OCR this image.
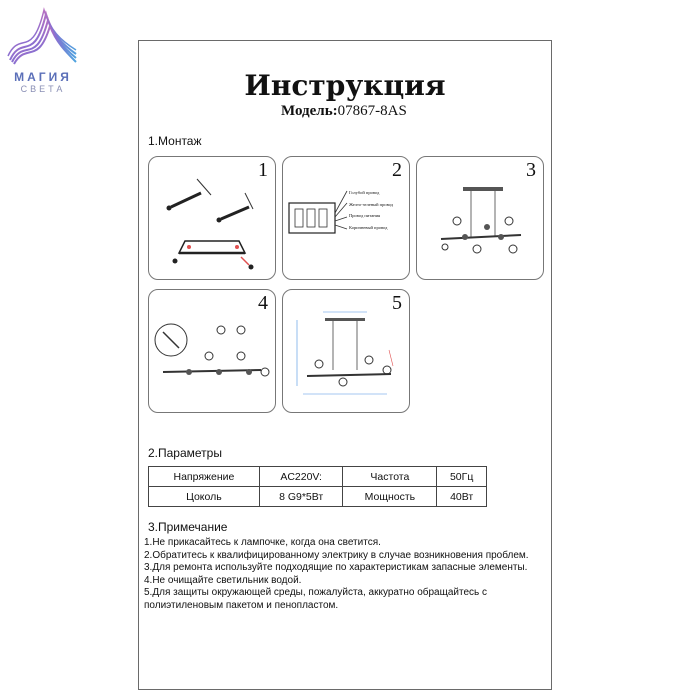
МАГИЯ
СВЕТА	Инструкция
Модель:07867-8AS
1.Монтаж
1	2
Голубой провод
Желто-зеленый провод
Провод питания
Коричневый провод
3
4	5
2.Параметры
Напряжение	AC220V:	Частота	50Гц
Цоколь	8 G9*5Вт	Мощность	40Вт
3.Примечание
1.Не прикасайтесь к лампочке, когда она светится.
2.Обратитесь к квалифицированному электрику в случае возникновения проблем.
3.Для ремонта используйте подходящие по характеристикам запасные элементы.
4.Не очищайте светильник водой.
5.Для защиты окружающей среды, пожалуйста, аккуратно обращайтесь с
полиэтиленовым пакетом и пенопластом.
